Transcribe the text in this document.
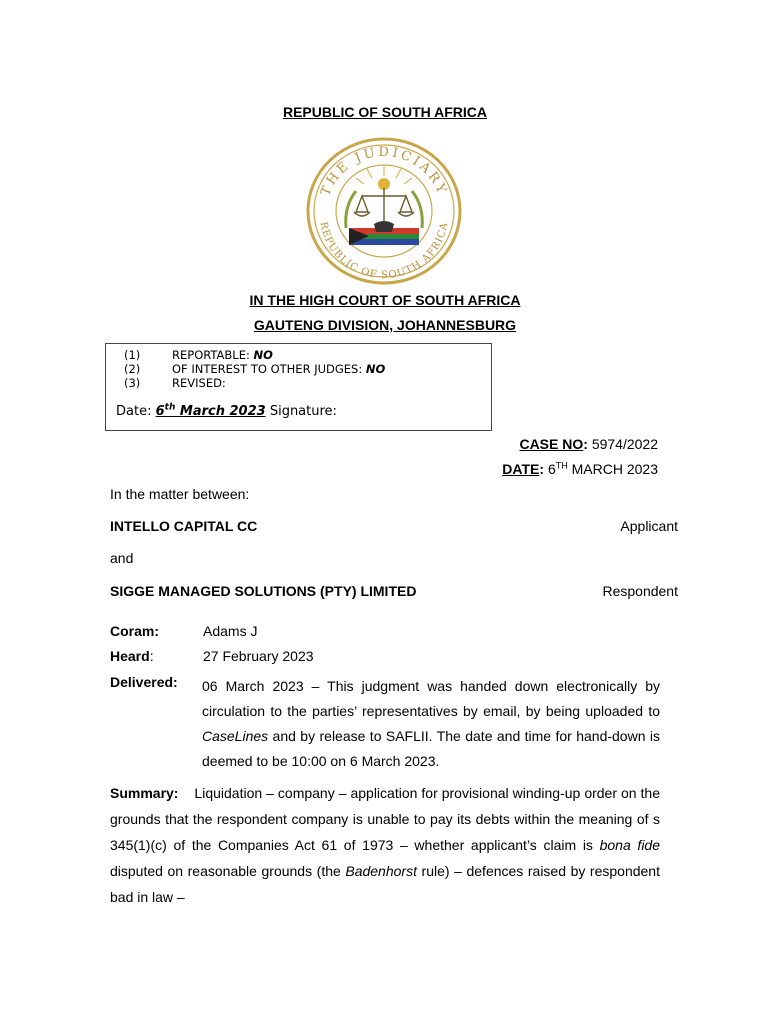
REPUBLIC OF SOUTH AFRICA
THE JUDICIARY
REPUBLIC OF SOUTH AFRICA
IN THE HIGH COURT OF SOUTH AFRICA
GAUTENG DIVISION, JOHANNESBURG
(1)	REPORTABLE: NO
(2)	OF INTEREST TO OTHER JUDGES: NO
(3)	REVISED:
Date: 6th March 2023 Signature:
CASE NO: 5974/2022
DATE: 6TH MARCH 2023
In the matter between:
INTELLO CAPITAL CC	Applicant
and
SIGGE MANAGED SOLUTIONS (PTY) LIMITED	Respondent
Coram:	Adams J
Heard:	27 February 2023
Delivered: 06 March 2023 – This judgment was handed down electronically by circulation to the parties’ representatives by email, by being uploaded to CaseLines and by release to SAFLII. The date and time for hand-down is deemed to be 10:00 on 6 March 2023.
Summary: Liquidation – company – application for provisional winding-up order on the grounds that the respondent company is unable to pay its debts within the meaning of s 345(1)(c) of the Companies Act 61 of 1973 – whether applicant’s claim is bona fide disputed on reasonable grounds (the Badenhorst rule) – defences raised by respondent bad in law –
